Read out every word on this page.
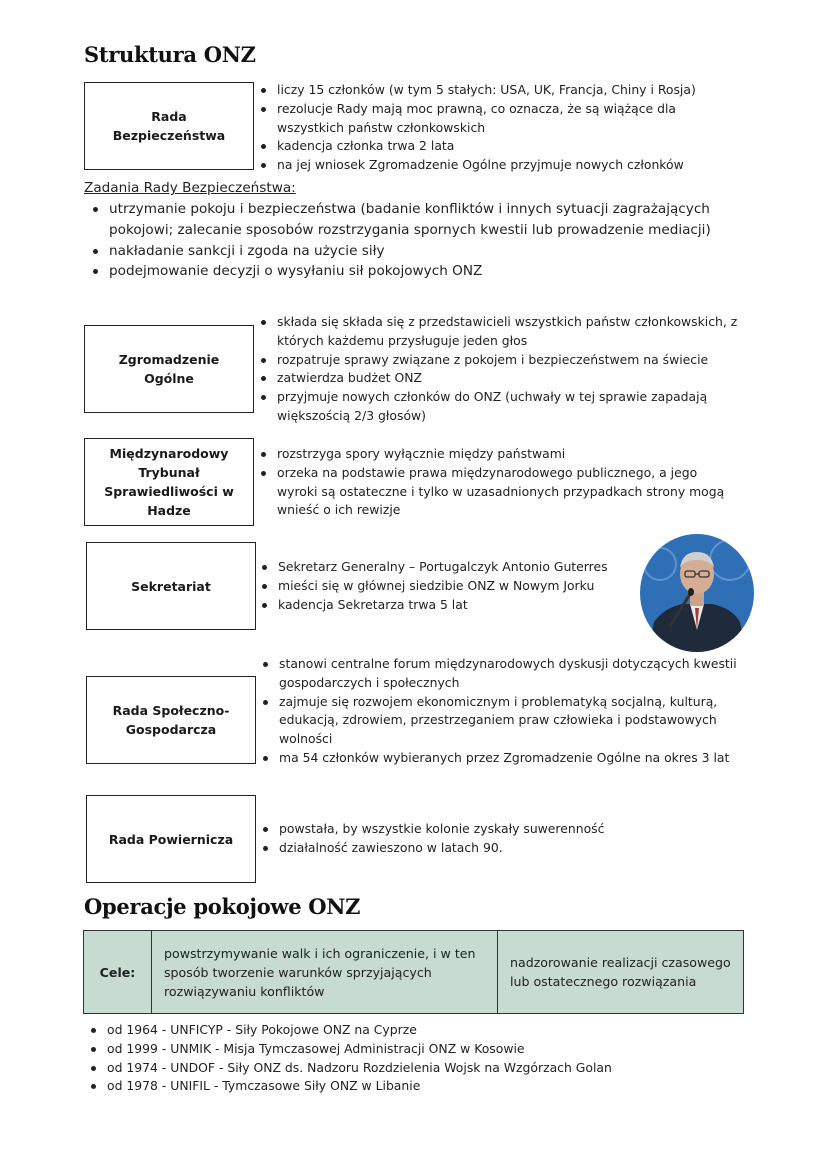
Struktura ONZ
Rada Bezpieczeństwa
liczy 15 członków (w tym 5 stałych: USA, UK, Francja, Chiny i Rosja)
rezolucje Rady mają moc prawną, co oznacza, że są wiążące dla wszystkich państw członkowskich
kadencja członka trwa 2 lata
na jej wniosek Zgromadzenie Ogólne przyjmuje nowych członków
Zadania Rady Bezpieczeństwa:
utrzymanie pokoju i bezpieczeństwa (badanie konfliktów i innych sytuacji zagrażających pokojowi; zalecanie sposobów rozstrzygania spornych kwestii lub prowadzenie mediacji)
nakładanie sankcji i zgoda na użycie siły
podejmowanie decyzji o wysyłaniu sił pokojowych ONZ
Zgromadzenie Ogólne
składa się składa się z przedstawicieli wszystkich państw członkowskich, z których każdemu przysługuje jeden głos
rozpatruje sprawy związane z pokojem i bezpieczeństwem na świecie
zatwierdza budżet ONZ
przyjmuje nowych członków do ONZ (uchwały w tej sprawie zapadają większością 2/3 głosów)
Międzynarodowy Trybunał Sprawiedliwości w Hadze
rozstrzyga spory wyłącznie między państwami
orzeka na podstawie prawa międzynarodowego publicznego, a jego wyroki są ostateczne i tylko w uzasadnionych przypadkach strony mogą wnieść o ich rewizje
Sekretariat
Sekretarz Generalny – Portugalczyk Antonio Guterres
mieści się w głównej siedzibie ONZ w Nowym Jorku
kadencja Sekretarza trwa 5 lat
Rada Społeczno-Gospodarcza
stanowi centralne forum międzynarodowych dyskusji dotyczących kwestii gospodarczych i społecznych
zajmuje się rozwojem ekonomicznym i problematyką socjalną, kulturą, edukacją, zdrowiem, przestrzeganiem praw człowieka i podstawowych wolności
ma 54 członków wybieranych przez Zgromadzenie Ogólne na okres 3 lat
Rada Powiernicza
powstała, by wszystkie kolonie zyskały suwerenność
działalność zawieszono w latach 90.
Operacje pokojowe ONZ
Cele:
powstrzymywanie walk i ich ograniczenie, i w ten sposób tworzenie warunków sprzyjających rozwiązywaniu konfliktów
nadzorowanie realizacji czasowego lub ostatecznego rozwiązania
od 1964 - UNFICYP - Siły Pokojowe ONZ na Cyprze
od 1999 - UNMIK - Misja Tymczasowej Administracji ONZ w Kosowie
od 1974 - UNDOF - Siły ONZ ds. Nadzoru Rozdzielenia Wojsk na Wzgórzach Golan
od 1978 - UNIFIL - Tymczasowe Siły ONZ w Libanie
